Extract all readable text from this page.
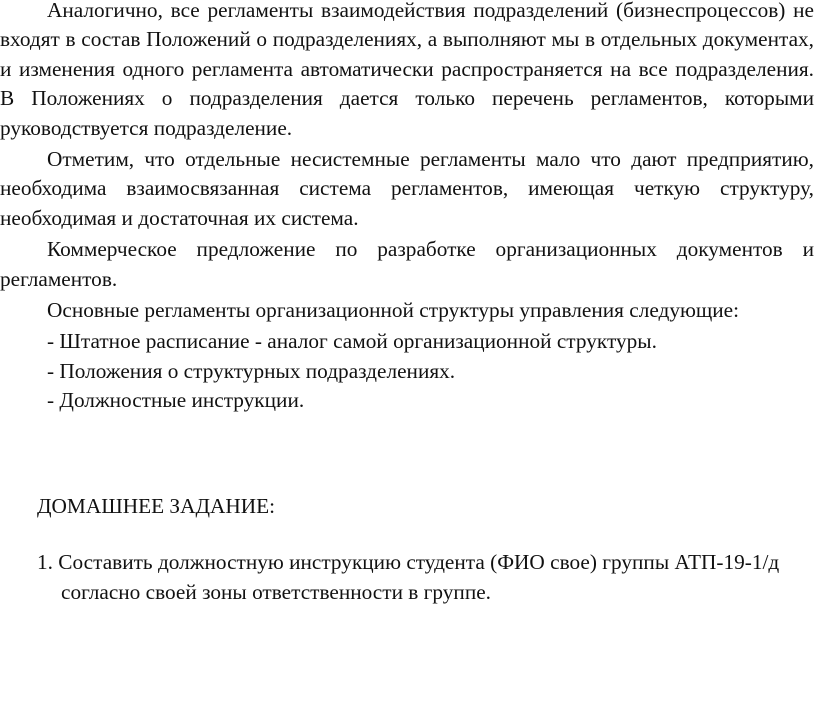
Аналогично, все регламенты взаимодействия подразделений (бизнеспроцессов) не входят в состав Положений о подразделениях, а выполняют мы в отдельных документах, и изменения одного регламента автоматически распространяется на все подразделения. В Положениях о подразделения дается только перечень регламентов, которыми руководствуется подразделение.

Отметим, что отдельные несистемные регламенты мало что дают предприятию, необходима взаимосвязанная система регламентов, имеющая четкую структуру, необходимая и достаточная их система.

Коммерческое предложение по разработке организационных документов и регламентов.

Основные регламенты организационной структуры управления следующие:

- Штатное расписание - аналог самой организационной структуры.

- Положения о структурных подразделениях.

- Должностные инструкции.

ДОМАШНЕЕ ЗАДАНИЕ:

1. Составить должностную инструкцию студента (ФИО свое) группы АТП-19-1/д согласно своей зоны ответственности в группе.
